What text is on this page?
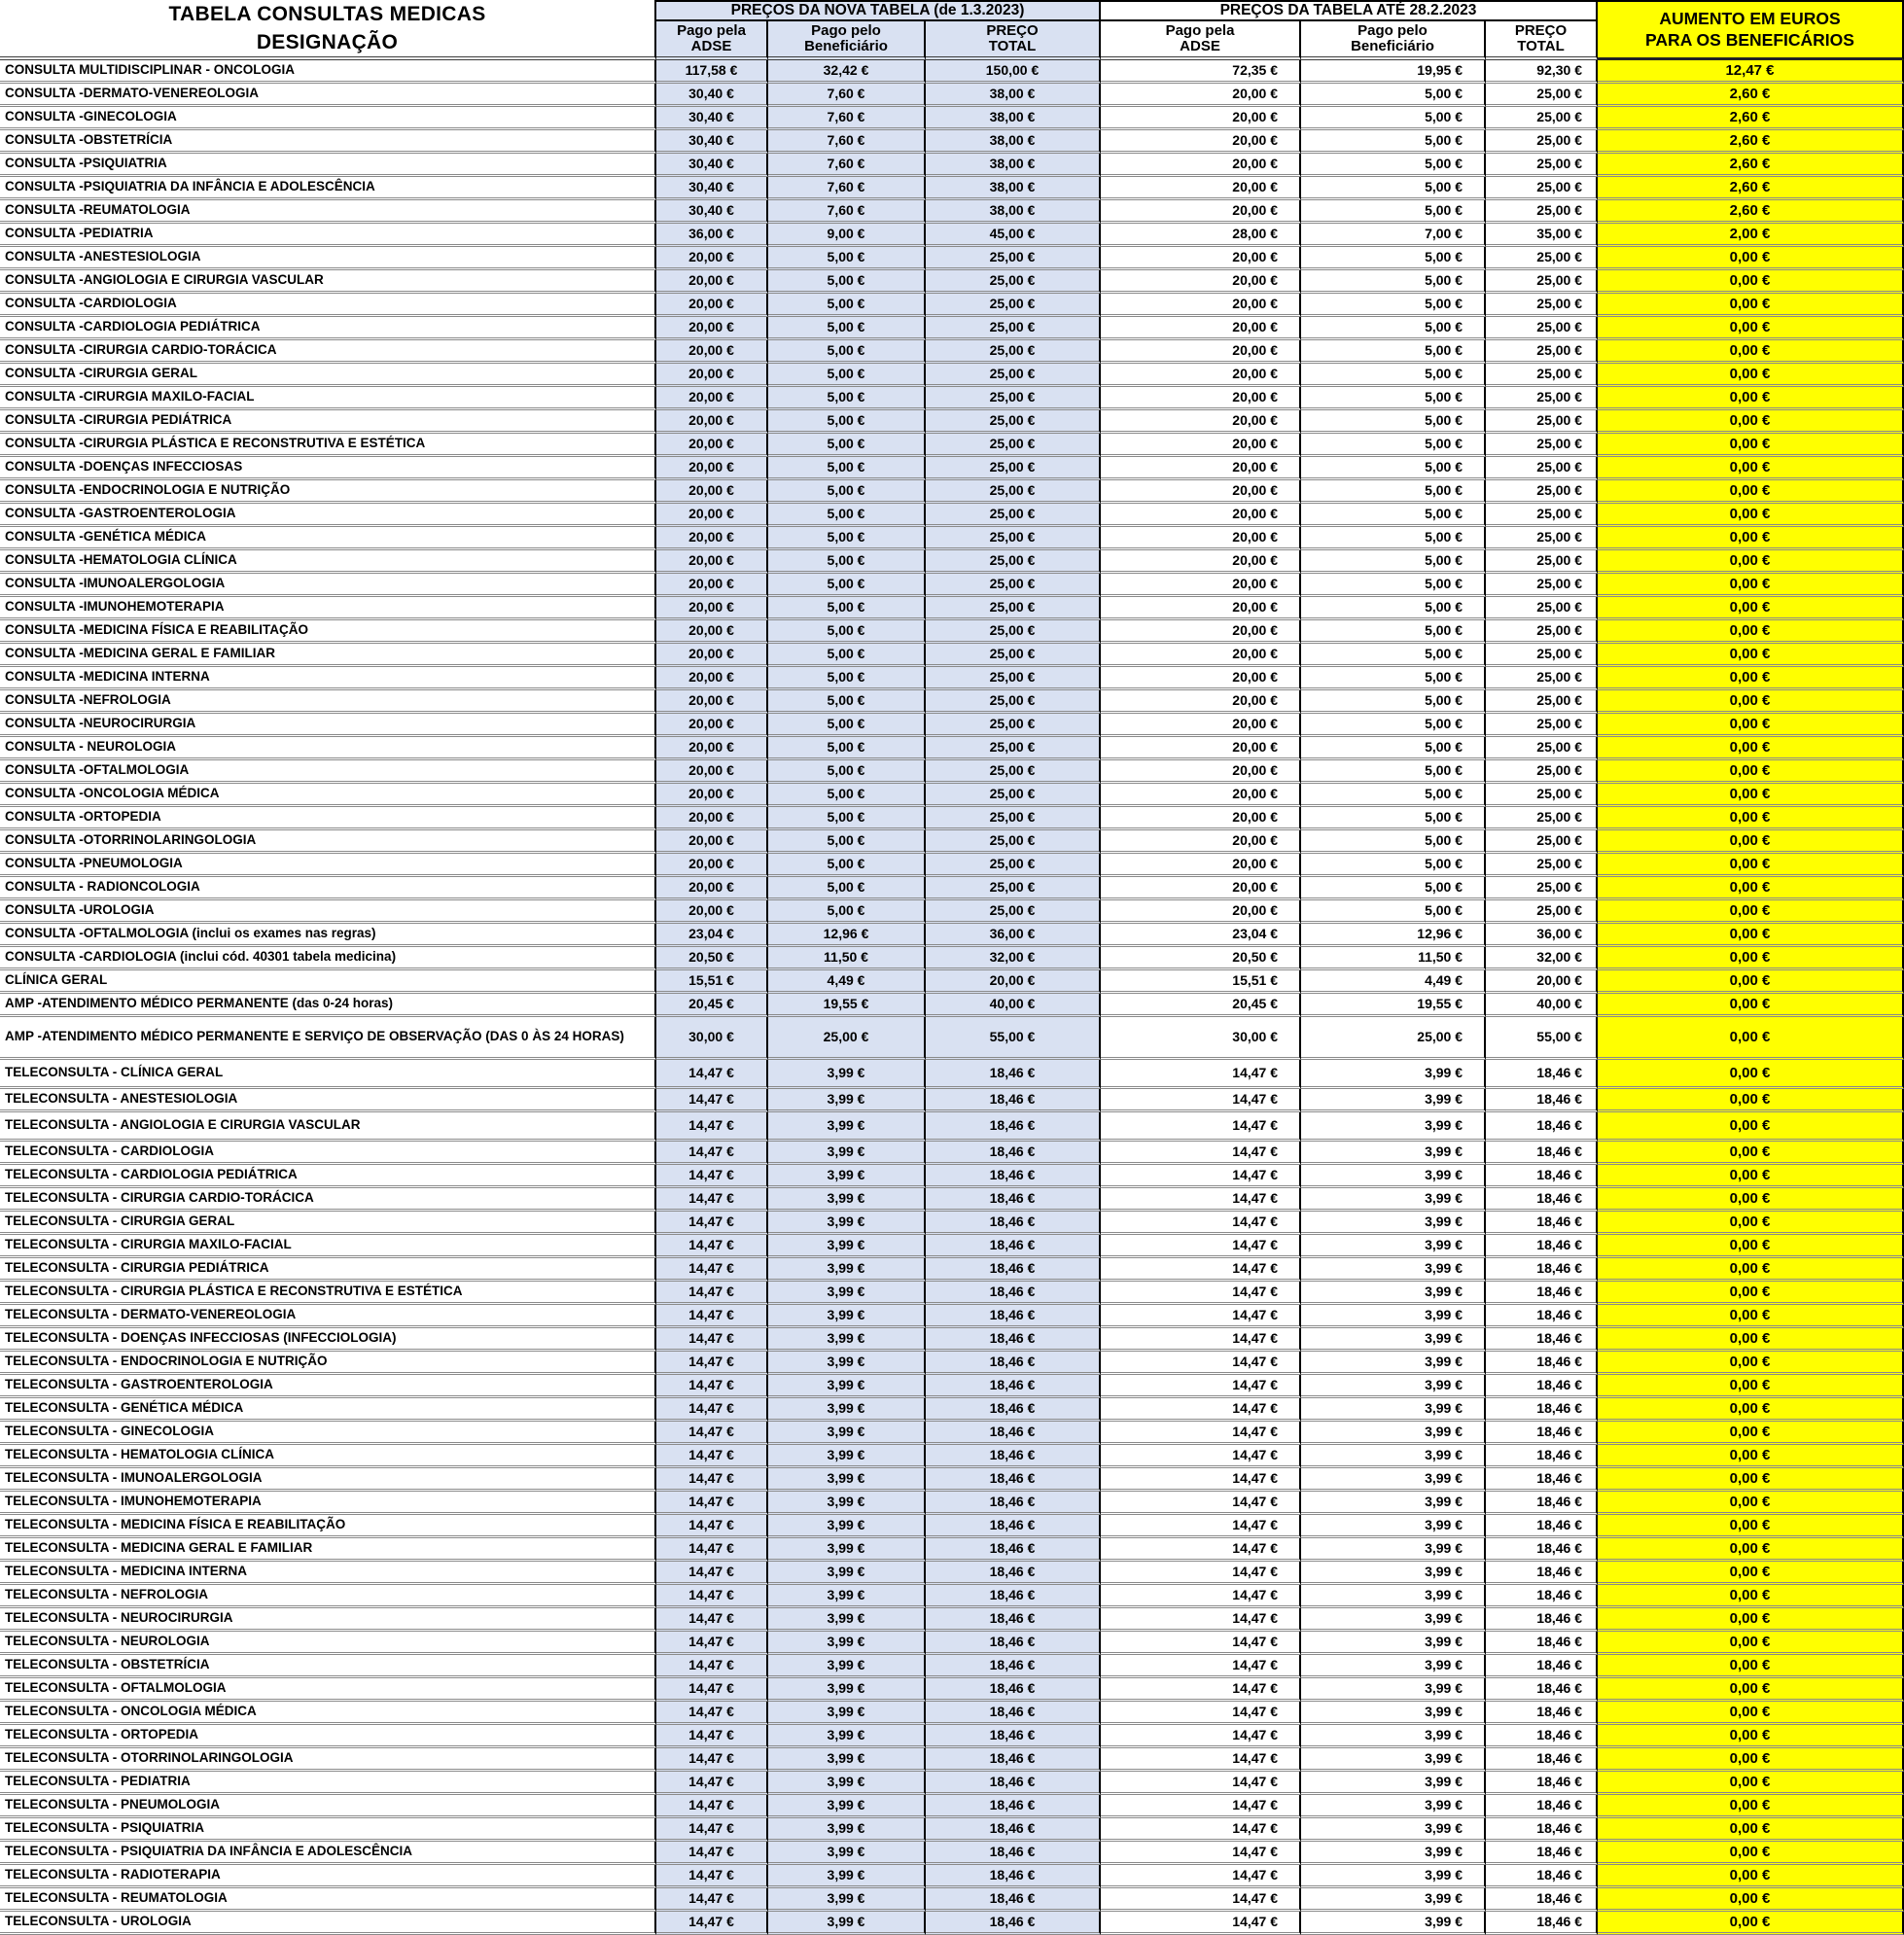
TABELA CONSULTAS MEDICAS
DESIGNAÇÃO
PREÇOS DA NOVA TABELA (de 1.3.2023)	PREÇOS DA TABELA ATÉ 28.2.2023	AUMENTO EM EUROS
PARA OS BENEFICÁRIOS
Pago pela
ADSE
Pago pelo
Beneficiário
PREÇO
TOTAL
Pago pela
ADSE
Pago pelo
Beneficiário
PREÇO
TOTAL
CONSULTA MULTIDISCIPLINAR - ONCOLOGIA	117,58 €	32,42 €	150,00 €	72,35 €	19,95 €	92,30 €	12,47 €
CONSULTA -DERMATO-VENEREOLOGIA	30,40 €	7,60 €	38,00 €	20,00 €	5,00 €	25,00 €	2,60 €
CONSULTA -GINECOLOGIA	30,40 €	7,60 €	38,00 €	20,00 €	5,00 €	25,00 €	2,60 €
CONSULTA -OBSTETRÍCIA	30,40 €	7,60 €	38,00 €	20,00 €	5,00 €	25,00 €	2,60 €
CONSULTA -PSIQUIATRIA	30,40 €	7,60 €	38,00 €	20,00 €	5,00 €	25,00 €	2,60 €
CONSULTA -PSIQUIATRIA DA INFÂNCIA E ADOLESCÊNCIA	30,40 €	7,60 €	38,00 €	20,00 €	5,00 €	25,00 €	2,60 €
CONSULTA -REUMATOLOGIA	30,40 €	7,60 €	38,00 €	20,00 €	5,00 €	25,00 €	2,60 €
CONSULTA -PEDIATRIA	36,00 €	9,00 €	45,00 €	28,00 €	7,00 €	35,00 €	2,00 €
CONSULTA -ANESTESIOLOGIA	20,00 €	5,00 €	25,00 €	20,00 €	5,00 €	25,00 €	0,00 €
CONSULTA -ANGIOLOGIA E CIRURGIA VASCULAR	20,00 €	5,00 €	25,00 €	20,00 €	5,00 €	25,00 €	0,00 €
CONSULTA -CARDIOLOGIA	20,00 €	5,00 €	25,00 €	20,00 €	5,00 €	25,00 €	0,00 €
CONSULTA -CARDIOLOGIA PEDIÁTRICA	20,00 €	5,00 €	25,00 €	20,00 €	5,00 €	25,00 €	0,00 €
CONSULTA -CIRURGIA CARDIO-TORÁCICA	20,00 €	5,00 €	25,00 €	20,00 €	5,00 €	25,00 €	0,00 €
CONSULTA -CIRURGIA GERAL	20,00 €	5,00 €	25,00 €	20,00 €	5,00 €	25,00 €	0,00 €
CONSULTA -CIRURGIA MAXILO-FACIAL	20,00 €	5,00 €	25,00 €	20,00 €	5,00 €	25,00 €	0,00 €
CONSULTA -CIRURGIA PEDIÁTRICA	20,00 €	5,00 €	25,00 €	20,00 €	5,00 €	25,00 €	0,00 €
CONSULTA -CIRURGIA PLÁSTICA E RECONSTRUTIVA E ESTÉTICA	20,00 €	5,00 €	25,00 €	20,00 €	5,00 €	25,00 €	0,00 €
CONSULTA -DOENÇAS INFECCIOSAS	20,00 €	5,00 €	25,00 €	20,00 €	5,00 €	25,00 €	0,00 €
CONSULTA -ENDOCRINOLOGIA E NUTRIÇÃO	20,00 €	5,00 €	25,00 €	20,00 €	5,00 €	25,00 €	0,00 €
CONSULTA -GASTROENTEROLOGIA	20,00 €	5,00 €	25,00 €	20,00 €	5,00 €	25,00 €	0,00 €
CONSULTA -GENÉTICA MÉDICA	20,00 €	5,00 €	25,00 €	20,00 €	5,00 €	25,00 €	0,00 €
CONSULTA -HEMATOLOGIA CLÍNICA	20,00 €	5,00 €	25,00 €	20,00 €	5,00 €	25,00 €	0,00 €
CONSULTA -IMUNOALERGOLOGIA	20,00 €	5,00 €	25,00 €	20,00 €	5,00 €	25,00 €	0,00 €
CONSULTA -IMUNOHEMOTERAPIA	20,00 €	5,00 €	25,00 €	20,00 €	5,00 €	25,00 €	0,00 €
CONSULTA -MEDICINA FÍSICA E REABILITAÇÃO	20,00 €	5,00 €	25,00 €	20,00 €	5,00 €	25,00 €	0,00 €
CONSULTA -MEDICINA GERAL E FAMILIAR	20,00 €	5,00 €	25,00 €	20,00 €	5,00 €	25,00 €	0,00 €
CONSULTA -MEDICINA INTERNA	20,00 €	5,00 €	25,00 €	20,00 €	5,00 €	25,00 €	0,00 €
CONSULTA -NEFROLOGIA	20,00 €	5,00 €	25,00 €	20,00 €	5,00 €	25,00 €	0,00 €
CONSULTA -NEUROCIRURGIA	20,00 €	5,00 €	25,00 €	20,00 €	5,00 €	25,00 €	0,00 €
CONSULTA - NEUROLOGIA	20,00 €	5,00 €	25,00 €	20,00 €	5,00 €	25,00 €	0,00 €
CONSULTA -OFTALMOLOGIA	20,00 €	5,00 €	25,00 €	20,00 €	5,00 €	25,00 €	0,00 €
CONSULTA -ONCOLOGIA MÉDICA	20,00 €	5,00 €	25,00 €	20,00 €	5,00 €	25,00 €	0,00 €
CONSULTA -ORTOPEDIA	20,00 €	5,00 €	25,00 €	20,00 €	5,00 €	25,00 €	0,00 €
CONSULTA -OTORRINOLARINGOLOGIA	20,00 €	5,00 €	25,00 €	20,00 €	5,00 €	25,00 €	0,00 €
CONSULTA -PNEUMOLOGIA	20,00 €	5,00 €	25,00 €	20,00 €	5,00 €	25,00 €	0,00 €
CONSULTA - RADIONCOLOGIA	20,00 €	5,00 €	25,00 €	20,00 €	5,00 €	25,00 €	0,00 €
CONSULTA -UROLOGIA	20,00 €	5,00 €	25,00 €	20,00 €	5,00 €	25,00 €	0,00 €
CONSULTA -OFTALMOLOGIA (inclui os exames nas regras)	23,04 €	12,96 €	36,00 €	23,04 €	12,96 €	36,00 €	0,00 €
CONSULTA -CARDIOLOGIA (inclui cód. 40301 tabela medicina)	20,50 €	11,50 €	32,00 €	20,50 €	11,50 €	32,00 €	0,00 €
CLÍNICA GERAL	15,51 €	4,49 €	20,00 €	15,51 €	4,49 €	20,00 €	0,00 €
AMP -ATENDIMENTO MÉDICO PERMANENTE (das 0-24 horas)	20,45 €	19,55 €	40,00 €	20,45 €	19,55 €	40,00 €	0,00 €
AMP -ATENDIMENTO MÉDICO PERMANENTE E SERVIÇO DE OBSERVAÇÃO (DAS 0 ÀS 24 HORAS)	30,00 €	25,00 €	55,00 €	30,00 €	25,00 €	55,00 €	0,00 €
TELECONSULTA - CLÍNICA GERAL	14,47 €	3,99 €	18,46 €	14,47 €	3,99 €	18,46 €	0,00 €
TELECONSULTA - ANESTESIOLOGIA	14,47 €	3,99 €	18,46 €	14,47 €	3,99 €	18,46 €	0,00 €
TELECONSULTA - ANGIOLOGIA E CIRURGIA VASCULAR	14,47 €	3,99 €	18,46 €	14,47 €	3,99 €	18,46 €	0,00 €
TELECONSULTA - CARDIOLOGIA	14,47 €	3,99 €	18,46 €	14,47 €	3,99 €	18,46 €	0,00 €
TELECONSULTA - CARDIOLOGIA PEDIÁTRICA	14,47 €	3,99 €	18,46 €	14,47 €	3,99 €	18,46 €	0,00 €
TELECONSULTA - CIRURGIA CARDIO-TORÁCICA	14,47 €	3,99 €	18,46 €	14,47 €	3,99 €	18,46 €	0,00 €
TELECONSULTA - CIRURGIA GERAL	14,47 €	3,99 €	18,46 €	14,47 €	3,99 €	18,46 €	0,00 €
TELECONSULTA - CIRURGIA MAXILO-FACIAL	14,47 €	3,99 €	18,46 €	14,47 €	3,99 €	18,46 €	0,00 €
TELECONSULTA - CIRURGIA PEDIÁTRICA	14,47 €	3,99 €	18,46 €	14,47 €	3,99 €	18,46 €	0,00 €
TELECONSULTA - CIRURGIA PLÁSTICA E RECONSTRUTIVA E ESTÉTICA	14,47 €	3,99 €	18,46 €	14,47 €	3,99 €	18,46 €	0,00 €
TELECONSULTA - DERMATO-VENEREOLOGIA	14,47 €	3,99 €	18,46 €	14,47 €	3,99 €	18,46 €	0,00 €
TELECONSULTA - DOENÇAS INFECCIOSAS (INFECCIOLOGIA)	14,47 €	3,99 €	18,46 €	14,47 €	3,99 €	18,46 €	0,00 €
TELECONSULTA - ENDOCRINOLOGIA E NUTRIÇÃO	14,47 €	3,99 €	18,46 €	14,47 €	3,99 €	18,46 €	0,00 €
TELECONSULTA - GASTROENTEROLOGIA	14,47 €	3,99 €	18,46 €	14,47 €	3,99 €	18,46 €	0,00 €
TELECONSULTA - GENÉTICA MÉDICA	14,47 €	3,99 €	18,46 €	14,47 €	3,99 €	18,46 €	0,00 €
TELECONSULTA - GINECOLOGIA	14,47 €	3,99 €	18,46 €	14,47 €	3,99 €	18,46 €	0,00 €
TELECONSULTA - HEMATOLOGIA CLÍNICA	14,47 €	3,99 €	18,46 €	14,47 €	3,99 €	18,46 €	0,00 €
TELECONSULTA - IMUNOALERGOLOGIA	14,47 €	3,99 €	18,46 €	14,47 €	3,99 €	18,46 €	0,00 €
TELECONSULTA - IMUNOHEMOTERAPIA	14,47 €	3,99 €	18,46 €	14,47 €	3,99 €	18,46 €	0,00 €
TELECONSULTA - MEDICINA FÍSICA E REABILITAÇÃO	14,47 €	3,99 €	18,46 €	14,47 €	3,99 €	18,46 €	0,00 €
TELECONSULTA - MEDICINA GERAL E FAMILIAR	14,47 €	3,99 €	18,46 €	14,47 €	3,99 €	18,46 €	0,00 €
TELECONSULTA - MEDICINA INTERNA	14,47 €	3,99 €	18,46 €	14,47 €	3,99 €	18,46 €	0,00 €
TELECONSULTA - NEFROLOGIA	14,47 €	3,99 €	18,46 €	14,47 €	3,99 €	18,46 €	0,00 €
TELECONSULTA - NEUROCIRURGIA	14,47 €	3,99 €	18,46 €	14,47 €	3,99 €	18,46 €	0,00 €
TELECONSULTA - NEUROLOGIA	14,47 €	3,99 €	18,46 €	14,47 €	3,99 €	18,46 €	0,00 €
TELECONSULTA - OBSTETRÍCIA	14,47 €	3,99 €	18,46 €	14,47 €	3,99 €	18,46 €	0,00 €
TELECONSULTA - OFTALMOLOGIA	14,47 €	3,99 €	18,46 €	14,47 €	3,99 €	18,46 €	0,00 €
TELECONSULTA - ONCOLOGIA MÉDICA	14,47 €	3,99 €	18,46 €	14,47 €	3,99 €	18,46 €	0,00 €
TELECONSULTA - ORTOPEDIA	14,47 €	3,99 €	18,46 €	14,47 €	3,99 €	18,46 €	0,00 €
TELECONSULTA - OTORRINOLARINGOLOGIA	14,47 €	3,99 €	18,46 €	14,47 €	3,99 €	18,46 €	0,00 €
TELECONSULTA - PEDIATRIA	14,47 €	3,99 €	18,46 €	14,47 €	3,99 €	18,46 €	0,00 €
TELECONSULTA - PNEUMOLOGIA	14,47 €	3,99 €	18,46 €	14,47 €	3,99 €	18,46 €	0,00 €
TELECONSULTA - PSIQUIATRIA	14,47 €	3,99 €	18,46 €	14,47 €	3,99 €	18,46 €	0,00 €
TELECONSULTA - PSIQUIATRIA DA INFÂNCIA E ADOLESCÊNCIA	14,47 €	3,99 €	18,46 €	14,47 €	3,99 €	18,46 €	0,00 €
TELECONSULTA - RADIOTERAPIA	14,47 €	3,99 €	18,46 €	14,47 €	3,99 €	18,46 €	0,00 €
TELECONSULTA - REUMATOLOGIA	14,47 €	3,99 €	18,46 €	14,47 €	3,99 €	18,46 €	0,00 €
TELECONSULTA - UROLOGIA	14,47 €	3,99 €	18,46 €	14,47 €	3,99 €	18,46 €	0,00 €
